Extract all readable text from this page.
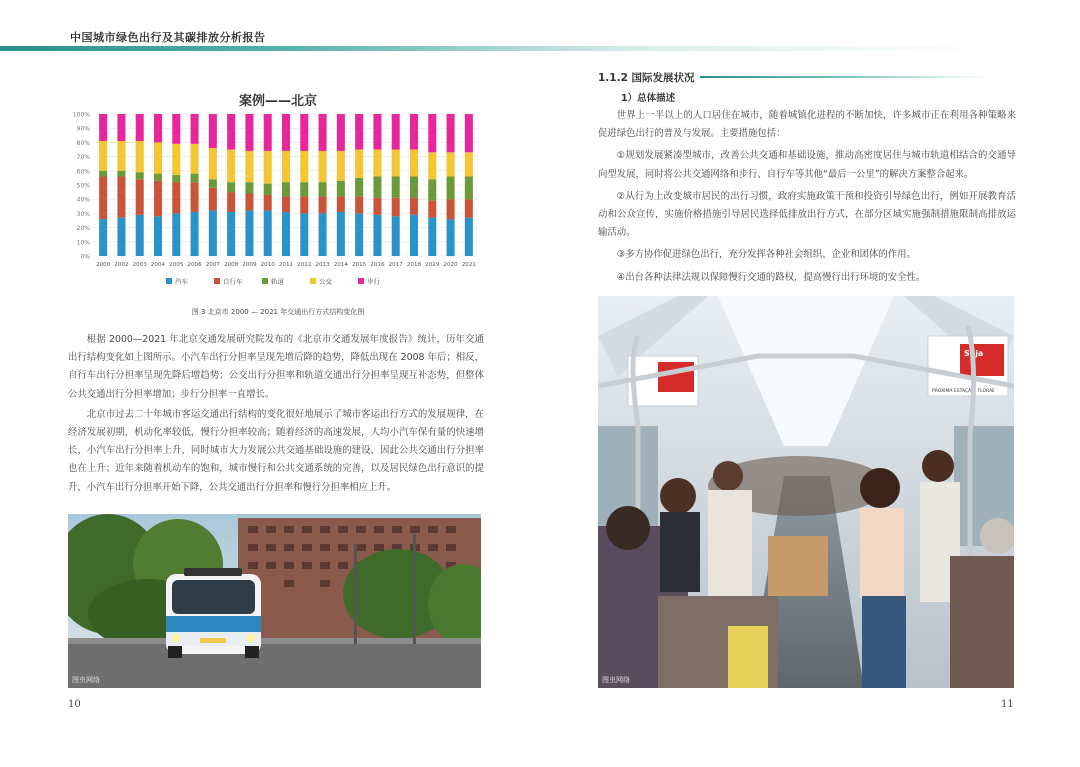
中国城市绿色出行及其碳排放分析报告
案例——北京
0%
10%
20%
30%
40%
50%
60%
70%
80%
90%
100%
2000 2002 2003 2004 2005 2006 2007 2008 2009 2010 2011 2012 2013 2014 2015 2016 2017 2018 2019 2020 2021
汽车	自行车	轨道	公交	步行
图 3 北京市 2000 — 2021 年交通出行方式结构变化图

根据 2000—2021 年北京交通发展研究院发布的《北京市交通发展年度报告》统计，历年交通出行结构变化如上图所示。小汽车出行分担率呈现先增后降的趋势，降低出现在 2008 年后；相反，自行车出行分担率呈现先降后增趋势；公交出行分担率和轨道交通出行分担率呈现互补态势，但整体公共交通出行分担率增加；步行分担率一直增长。

北京市过去二十年城市客运交通出行结构的变化很好地展示了城市客运出行方式的发展规律，在经济发展初期，机动化率较低，慢行分担率较高；随着经济的高速发展，人均小汽车保有量的快速增长，小汽车出行分担率上升，同时城市大力发展公共交通基础设施的建设，因此公共交通出行分担率也在上升；近年来随着机动车的饱和，城市慢行和公共交通系统的完善，以及居民绿色出行意识的提升，小汽车出行分担率开始下降，公共交通出行分担率和慢行分担率相应上升。

图虫网络
1.1.2 国际发展状况
1）总体描述

世界上一半以上的人口居住在城市，随着城镇化进程的不断加快，许多城市正在利用各种策略来促进绿色出行的普及与发展。主要措施包括：

①规划发展紧凑型城市，改善公共交通和基础设施，推动高密度居住与城市轨道相结合的交通导向型发展，同时将公共交通网络和步行、自行车等其他“最后一公里”的解决方案整合起来。

②从行为上改变城市居民的出行习惯，政府实施政策干预和投资引导绿色出行，例如开展教育活动和公众宣传，实施价格措施引导居民选择低排放出行方式，在部分区域实施强制措施限制高排放运输活动。

③多方协作促进绿色出行，充分发挥各种社会组织、企业和团体的作用。

④出台各种法律法规以保障慢行交通的路权，提高慢行出行环境的安全性。

Seja
PROXIMA ESTAÇÃO, FLORAE
图虫网络
10	11
